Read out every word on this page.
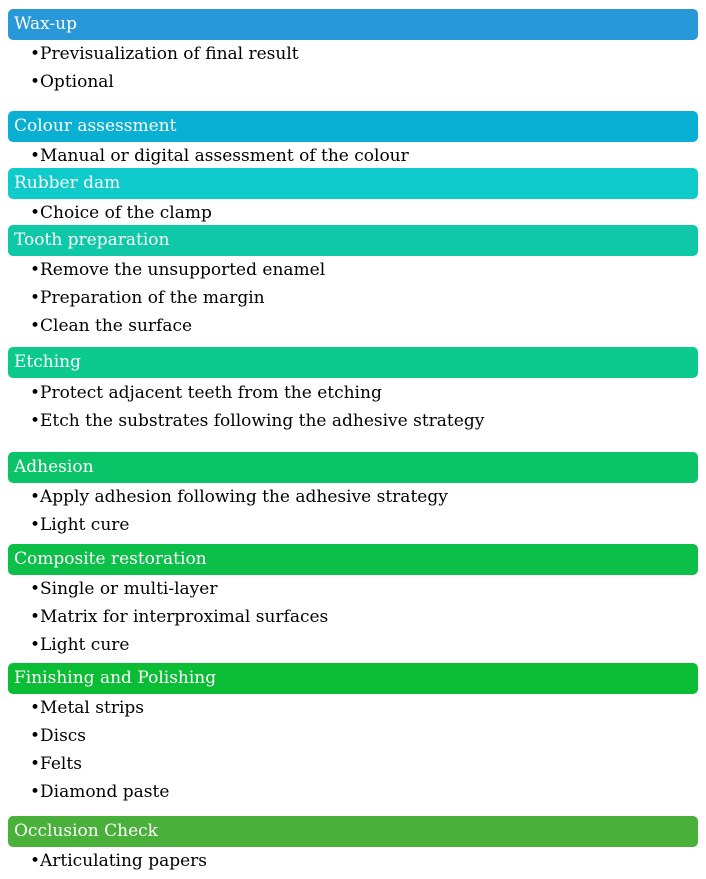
Wax-up
•Previsualization of final result
•Optional
Colour assessment
•Manual or digital assessment of the colour
Rubber dam
•Choice of the clamp
Tooth preparation
•Remove the unsupported enamel
•Preparation of the margin
•Clean the surface
Etching
•Protect adjacent teeth from the etching
•Etch the substrates following the adhesive strategy
Adhesion
•Apply adhesion following the adhesive strategy
•Light cure
Composite restoration
•Single or multi-layer
•Matrix for interproximal surfaces
•Light cure
Finishing and Polishing
•Metal strips
•Discs
•Felts
•Diamond paste
Occlusion Check
•Articulating papers
